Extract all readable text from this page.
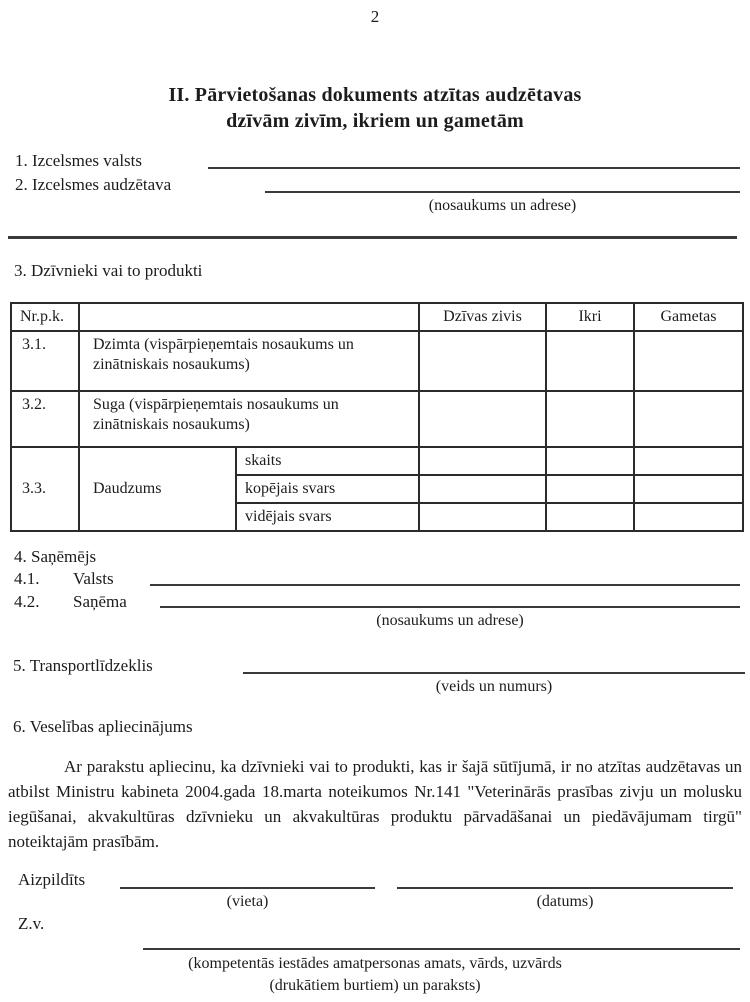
2
II. Pārvietošanas dokuments atzītas audzētavas
dzīvām zivīm, ikriem un gametām
1. Izcelsmes valsts
2. Izcelsmes audzētava
(nosaukums un adrese)
3. Dzīvnieki vai to produkti
Nr.p.k.			Dzīvas zivis	Ikri	Gametas
3.1.	Dzimta (vispārpieņemtais nosaukums un zinātniskais nosaukums)				
3.2.	Suga (vispārpieņemtais nosaukums un zinātniskais nosaukums)				
3.3.	Daudzums	skaits			
		kopējais svars			
		vidējais svars			
4. Saņēmējs
4.1. Valsts
4.2. Saņēma
(nosaukums un adrese)
5. Transportlīdzeklis
(veids un numurs)
6. Veselības apliecinājums
Ar parakstu apliecinu, ka dzīvnieki vai to produkti, kas ir šajā sūtījumā, ir no atzītas audzētavas un atbilst Ministru kabineta 2004.gada 18.marta noteikumos Nr.141 "Veterinārās prasības zivju un molusku iegūšanai, akvakultūras dzīvnieku un akvakultūras produktu pārvadāšanai un piedāvājumam tirgū" noteiktajām prasībām.
Aizpildīts
(vieta)	(datums)
Z.v.
(kompetentās iestādes amatpersonas amats, vārds, uzvārds
(drukātiem burtiem) un paraksts)
